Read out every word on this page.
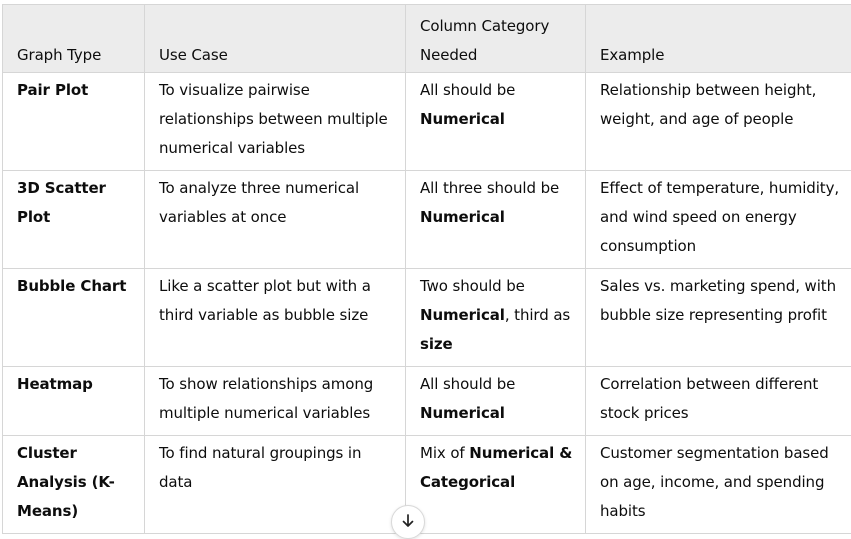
Graph Type	Use Case	Column Category Needed	Example
Pair Plot	To visualize pairwise relationships between multiple numerical variables	All should be Numerical	Relationship between height, weight, and age of people
3D Scatter Plot	To analyze three numerical variables at once	All three should be Numerical	Effect of temperature, humidity, and wind speed on energy consumption
Bubble Chart	Like a scatter plot but with a third variable as bubble size	Two should be Numerical, third as size	Sales vs. marketing spend, with bubble size representing profit
Heatmap	To show relationships among multiple numerical variables	All should be Numerical	Correlation between different stock prices
Cluster Analysis (K-Means)	To find natural groupings in data	Mix of Numerical & Categorical	Customer segmentation based on age, income, and spending habits
